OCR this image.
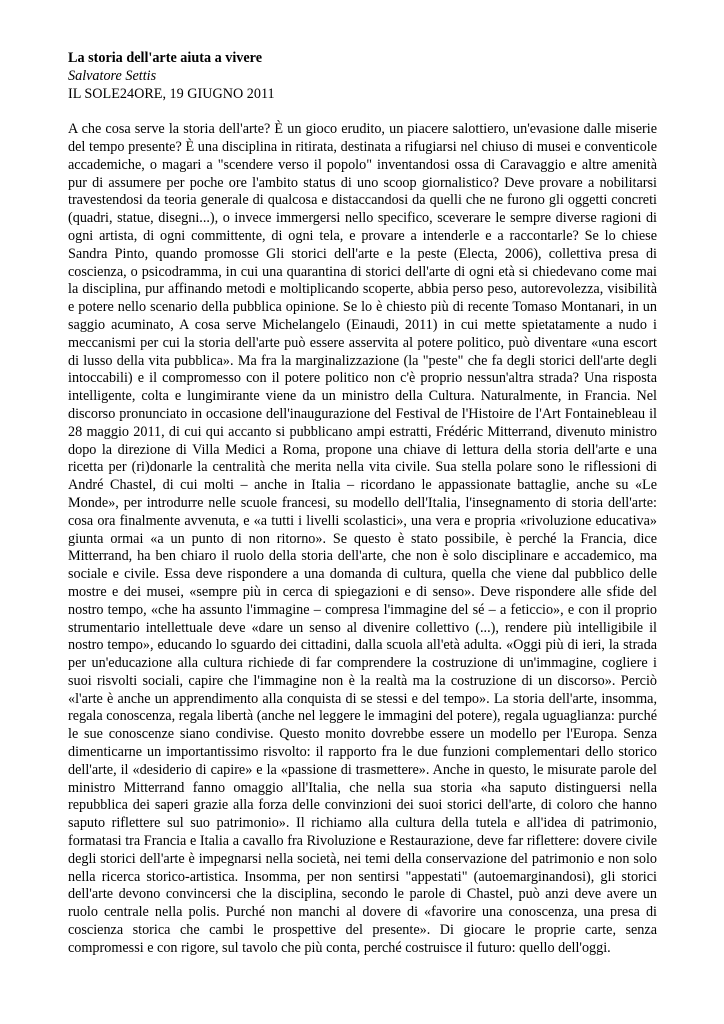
La storia dell'arte aiuta a vivere

Salvatore Settis

IL SOLE24ORE, 19 GIUGNO 2011

A che cosa serve la storia dell'arte? È un gioco erudito, un piacere salottiero, un'evasione dalle miserie del tempo presente? È una disciplina in ritirata, destinata a rifugiarsi nel chiuso di musei e conventicole accademiche, o magari a "scendere verso il popolo" inventandosi ossa di Caravaggio e altre amenità pur di assumere per poche ore l'ambito status di uno scoop giornalistico? Deve provare a nobilitarsi travestendosi da teoria generale di qualcosa e distaccandosi da quelli che ne furono gli oggetti concreti (quadri, statue, disegni...), o invece immergersi nello specifico, sceverare le sempre diverse ragioni di ogni artista, di ogni committente, di ogni tela, e provare a intenderle e a raccontarle? Se lo chiese Sandra Pinto, quando promosse Gli storici dell'arte e la peste (Electa, 2006), collettiva presa di coscienza, o psicodramma, in cui una quarantina di storici dell'arte di ogni età si chiedevano come mai la disciplina, pur affinando metodi e moltiplicando scoperte, abbia perso peso, autorevolezza, visibilità e potere nello scenario della pubblica opinione. Se lo è chiesto più di recente Tomaso Montanari, in un saggio acuminato, A cosa serve Michelangelo (Einaudi, 2011) in cui mette spietatamente a nudo i meccanismi per cui la storia dell'arte può essere asservita al potere politico, può diventare «una escort di lusso della vita pubblica». Ma fra la marginalizzazione (la "peste" che fa degli storici dell'arte degli intoccabili) e il compromesso con il potere politico non c'è proprio nessun'altra strada? Una risposta intelligente, colta e lungimirante viene da un ministro della Cultura. Naturalmente, in Francia. Nel discorso pronunciato in occasione dell'inaugurazione del Festival de l'Histoire de l'Art Fontainebleau il 28 maggio 2011, di cui qui accanto si pubblicano ampi estratti, Frédéric Mitterrand, divenuto ministro dopo la direzione di Villa Medici a Roma, propone una chiave di lettura della storia dell'arte e una ricetta per (ri)donarle la centralità che merita nella vita civile. Sua stella polare sono le riflessioni di André Chastel, di cui molti – anche in Italia – ricordano le appassionate battaglie, anche su «Le Monde», per introdurre nelle scuole francesi, su modello dell'Italia, l'insegnamento di storia dell'arte: cosa ora finalmente avvenuta, e «a tutti i livelli scolastici», una vera e propria «rivoluzione educativa» giunta ormai «a un punto di non ritorno». Se questo è stato possibile, è perché la Francia, dice Mitterrand, ha ben chiaro il ruolo della storia dell'arte, che non è solo disciplinare e accademico, ma sociale e civile. Essa deve rispondere a una domanda di cultura, quella che viene dal pubblico delle mostre e dei musei, «sempre più in cerca di spiegazioni e di senso». Deve rispondere alle sfide del nostro tempo, «che ha assunto l'immagine – compresa l'immagine del sé – a feticcio», e con il proprio strumentario intellettuale deve «dare un senso al divenire collettivo (...), rendere più intelligibile il nostro tempo», educando lo sguardo dei cittadini, dalla scuola all'età adulta. «Oggi più di ieri, la strada per un'educazione alla cultura richiede di far comprendere la costruzione di un'immagine, cogliere i suoi risvolti sociali, capire che l'immagine non è la realtà ma la costruzione di un discorso». Perciò «l'arte è anche un apprendimento alla conquista di se stessi e del tempo». La storia dell'arte, insomma, regala conoscenza, regala libertà (anche nel leggere le immagini del potere), regala uguaglianza: purché le sue conoscenze siano condivise. Questo monito dovrebbe essere un modello per l'Europa. Senza dimenticarne un importantissimo risvolto: il rapporto fra le due funzioni complementari dello storico dell'arte, il «desiderio di capire» e la «passione di trasmettere». Anche in questo, le misurate parole del ministro Mitterrand fanno omaggio all'Italia, che nella sua storia «ha saputo distinguersi nella repubblica dei saperi grazie alla forza delle convinzioni dei suoi storici dell'arte, di coloro che hanno saputo riflettere sul suo patrimonio». Il richiamo alla cultura della tutela e all'idea di patrimonio, formatasi tra Francia e Italia a cavallo fra Rivoluzione e Restaurazione, deve far riflettere: dovere civile degli storici dell'arte è impegnarsi nella società, nei temi della conservazione del patrimonio e non solo nella ricerca storico-artistica. Insomma, per non sentirsi "appestati" (autoemarginandosi), gli storici dell'arte devono convincersi che la disciplina, secondo le parole di Chastel, può anzi deve avere un ruolo centrale nella polis. Purché non manchi al dovere di «favorire una conoscenza, una presa di coscienza storica che cambi le prospettive del presente». Di giocare le proprie carte, senza compromessi e con rigore, sul tavolo che più conta, perché costruisce il futuro: quello dell'oggi.
